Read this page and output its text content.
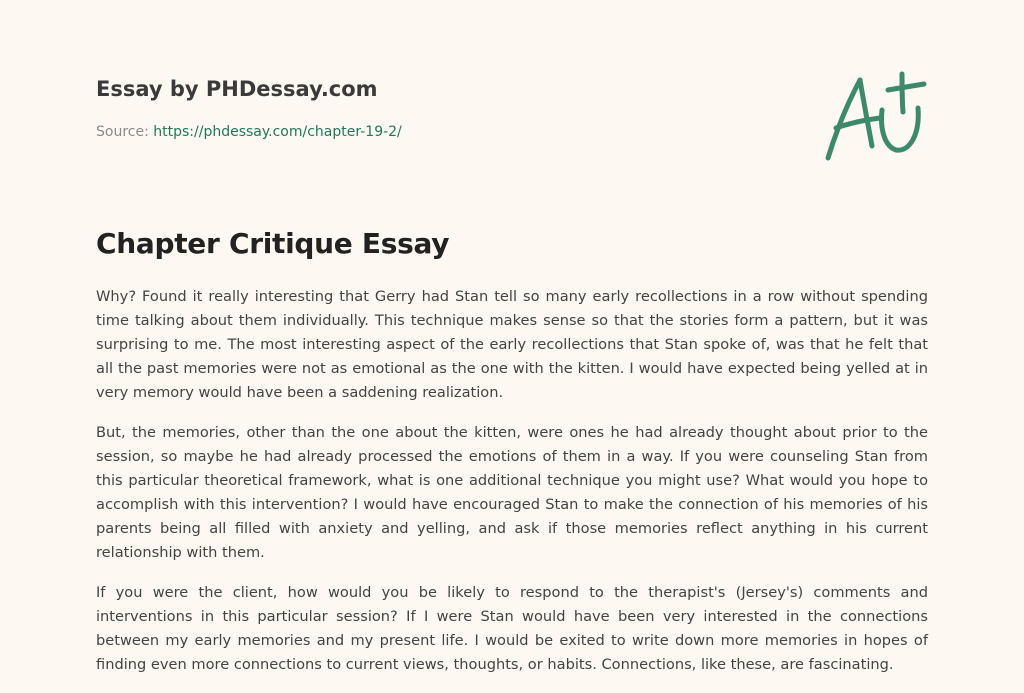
Essay by PHDessay.com
Source: https://phdessay.com/chapter-19-2/
Chapter Critique Essay

Why? Found it really interesting that Gerry had Stan tell so many early recollections in a row without spending time talking about them individually. This technique makes sense so that the stories form a pattern, but it was surprising to me. The most interesting aspect of the early recollections that Stan spoke of, was that he felt that all the past memories were not as emotional as the one with the kitten. I would have expected being yelled at in very memory would have been a saddening realization.

But, the memories, other than the one about the kitten, were ones he had already thought about prior to the session, so maybe he had already processed the emotions of them in a way. If you were counseling Stan from this particular theoretical framework, what is one additional technique you might use? What would you hope to accomplish with this intervention? I would have encouraged Stan to make the connection of his memories of his parents being all filled with anxiety and yelling, and ask if those memories reflect anything in his current relationship with them.

If you were the client, how would you be likely to respond to the therapist's (Jersey's) comments and interventions in this particular session? If I were Stan would have been very interested in the connections between my early memories and my present life. I would be exited to write down more memories in hopes of finding even more connections to current views, thoughts, or habits. Connections, like these, are fascinating.
